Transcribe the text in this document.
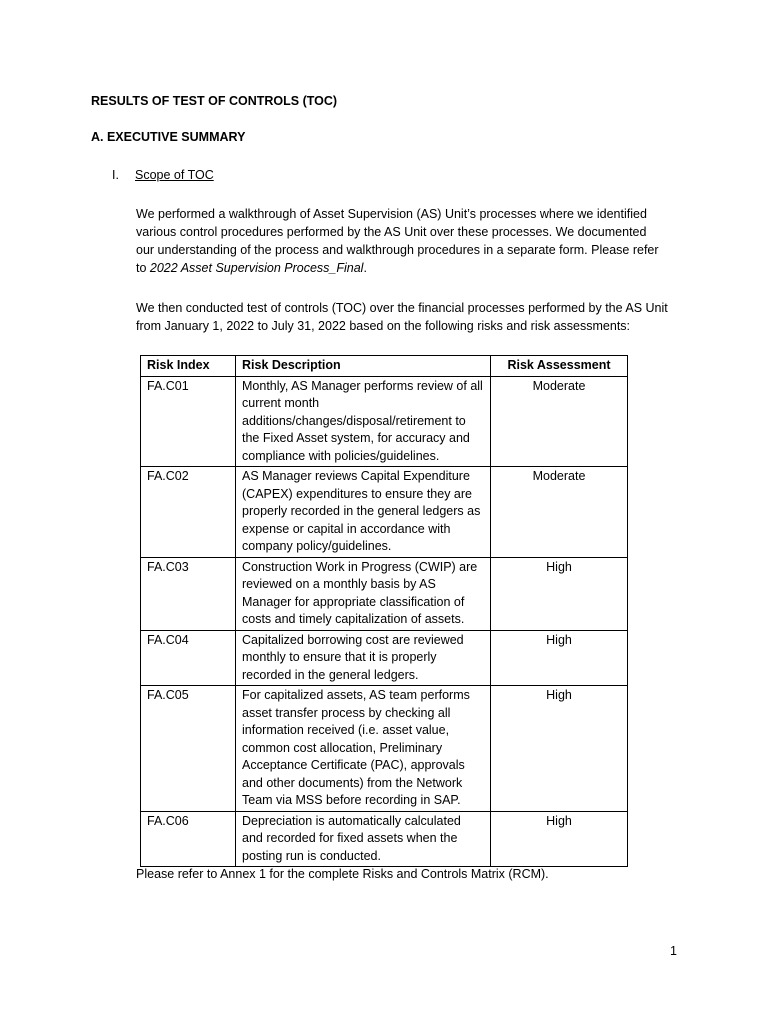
RESULTS OF TEST OF CONTROLS (TOC)
A. EXECUTIVE SUMMARY
I. Scope of TOC
We performed a walkthrough of Asset Supervision (AS) Unit’s processes where we identified
various control procedures performed by the AS Unit over these processes. We documented
our understanding of the process and walkthrough procedures in a separate form. Please refer
to 2022 Asset Supervision Process_Final.
We then conducted test of controls (TOC) over the financial processes performed by the AS Unit
from January 1, 2022 to July 31, 2022 based on the following risks and risk assessments:
Risk Index	Risk Description	Risk Assessment
FA.C01	Monthly, AS Manager performs review of all current month additions/changes/disposal/retirement to the Fixed Asset system, for accuracy and compliance with policies/guidelines.	Moderate
FA.C02	AS Manager reviews Capital Expenditure (CAPEX) expenditures to ensure they are properly recorded in the general ledgers as expense or capital in accordance with company policy/guidelines.	Moderate
FA.C03	Construction Work in Progress (CWIP) are reviewed on a monthly basis by AS Manager for appropriate classification of costs and timely capitalization of assets.	High
FA.C04	Capitalized borrowing cost are reviewed monthly to ensure that it is properly recorded in the general ledgers.	High
FA.C05	For capitalized assets, AS team performs asset transfer process by checking all information received (i.e. asset value, common cost allocation, Preliminary Acceptance Certificate (PAC), approvals and other documents) from the Network Team via MSS before recording in SAP.	High
FA.C06	Depreciation is automatically calculated and recorded for fixed assets when the posting run is conducted.	High
Please refer to Annex 1 for the complete Risks and Controls Matrix (RCM).
1
